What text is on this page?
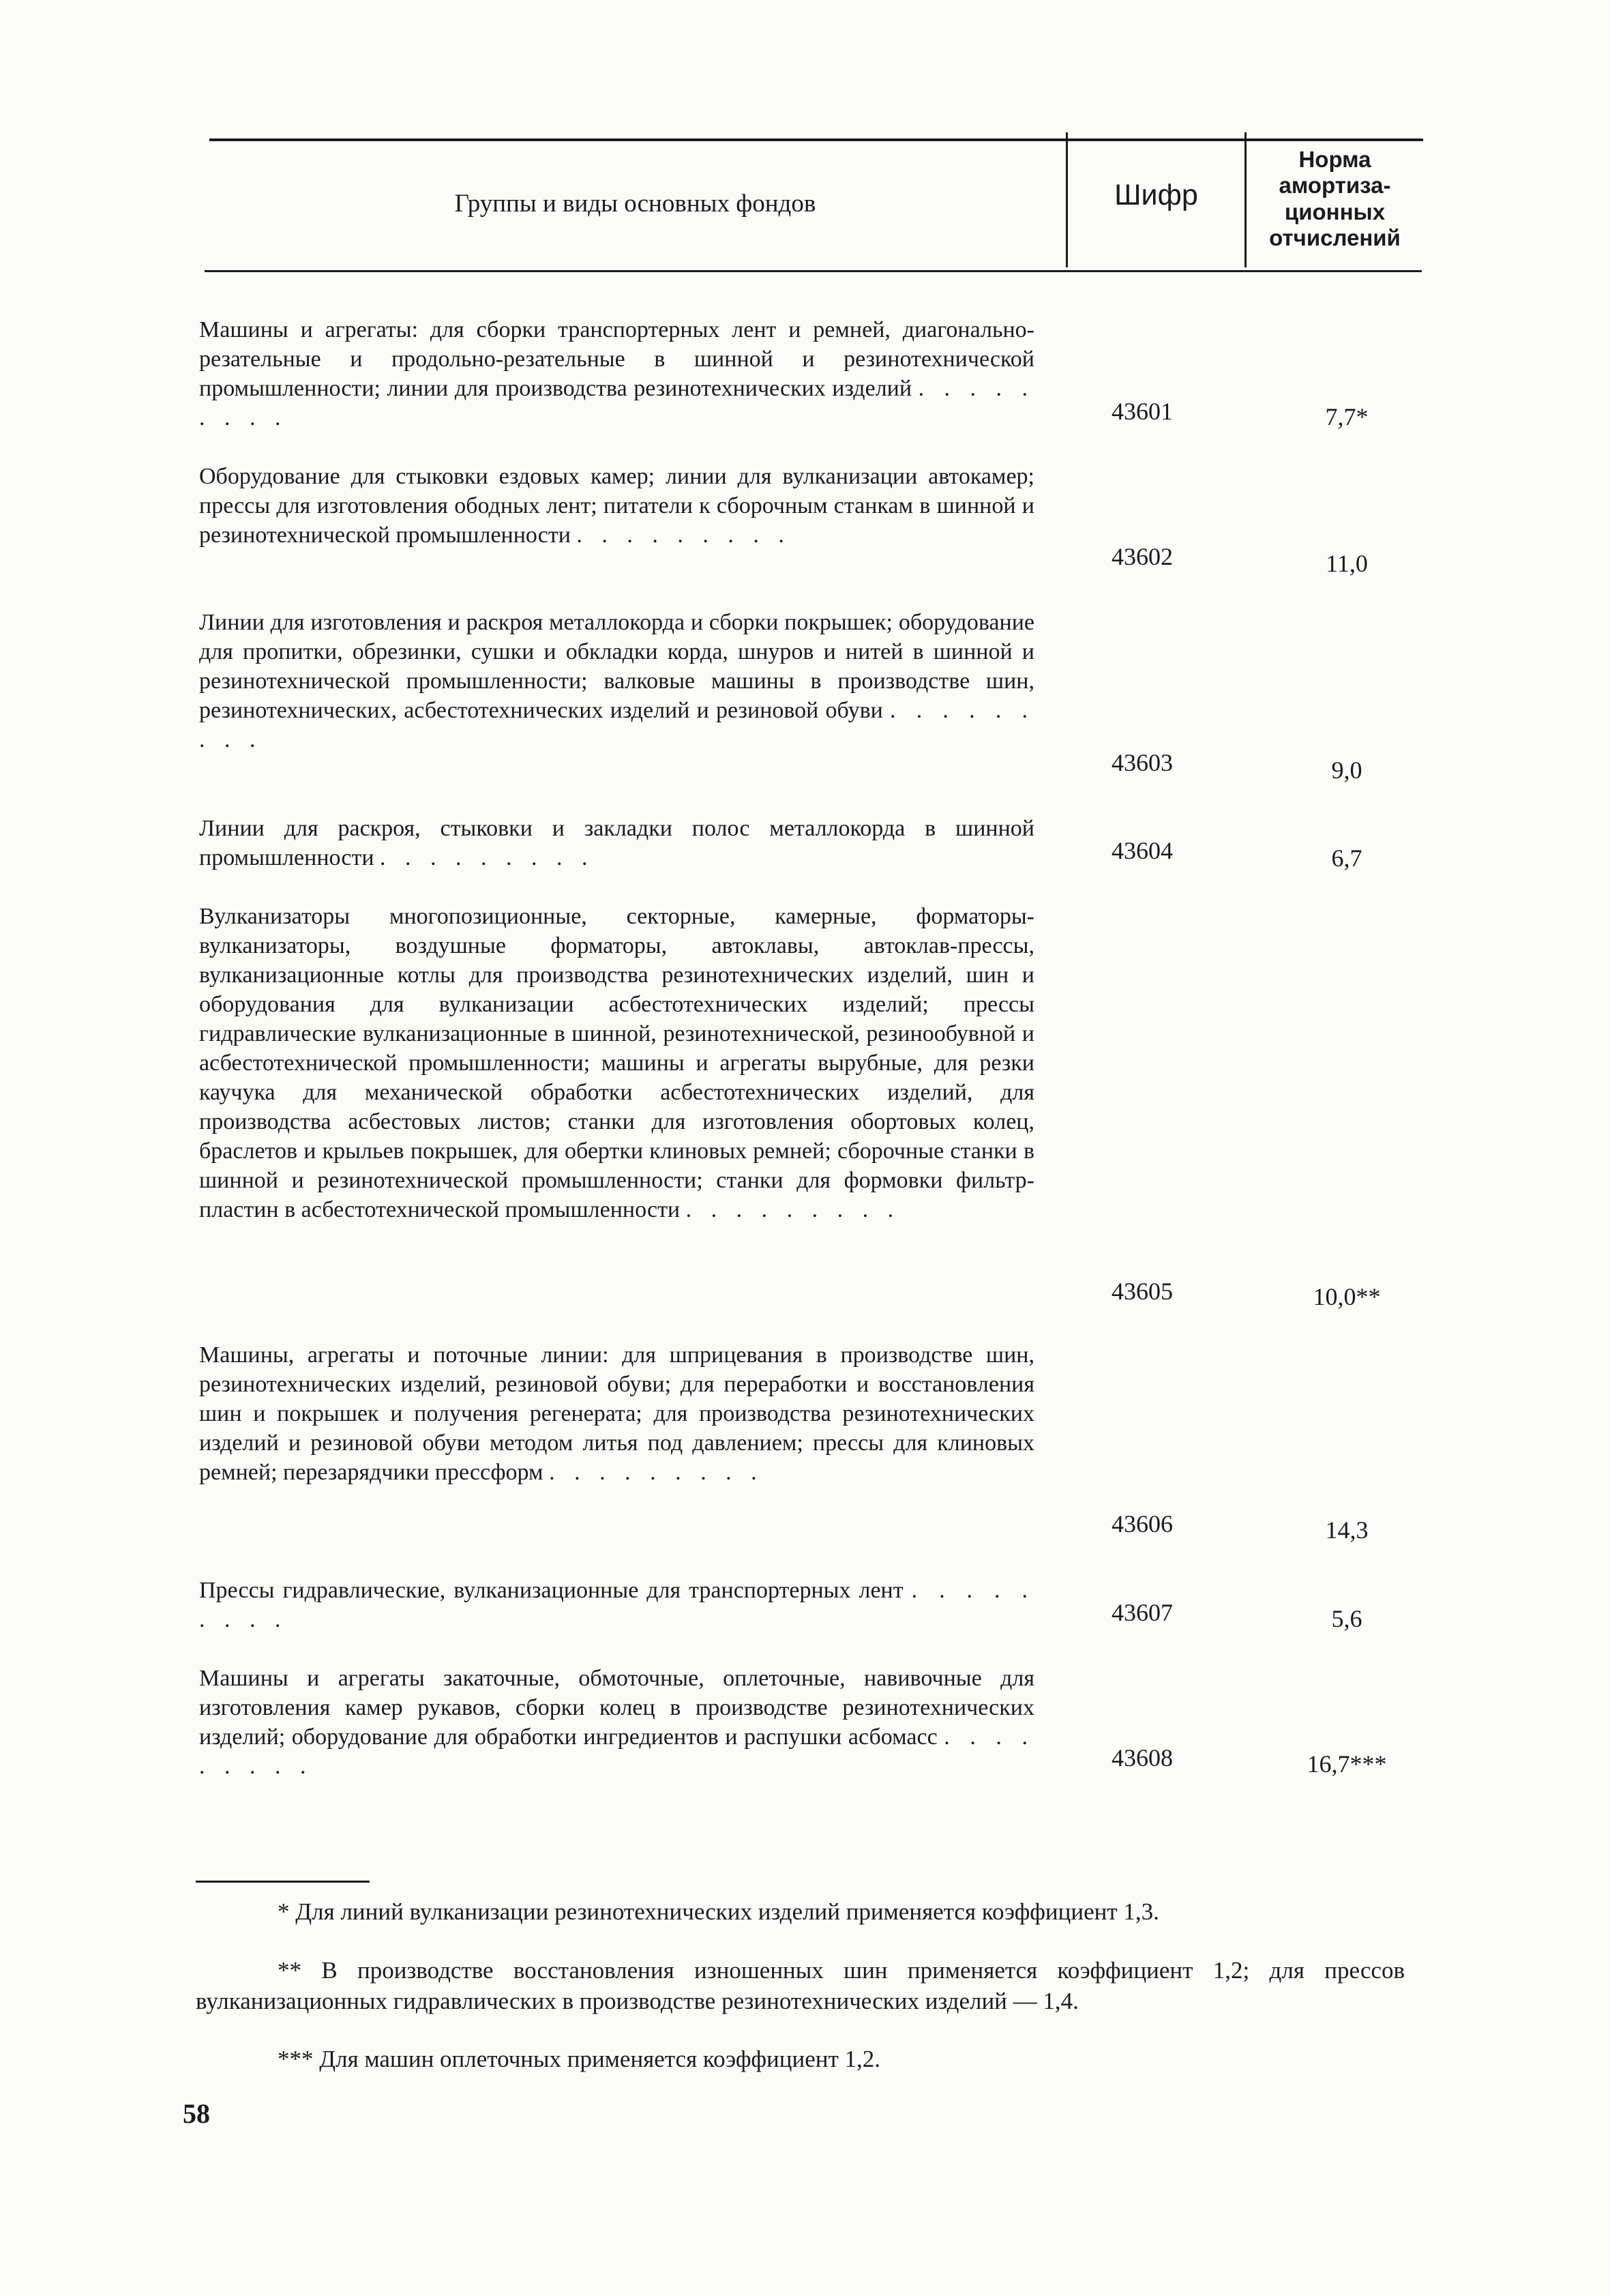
Группы и виды основных фондов	Шифр
Норма
амортиза-
ционных
отчислений
Машины и агрегаты: для сборки транспортерных лент и ремней, диагонально-резательные и продольно-резательные в шинной и резинотехнической промышленности; линии для производства резинотехнических изделий . . . . . . . . .	43601	7,7*
Оборудование для стыковки ездовых камер; линии для вулканизации автокамер; прессы для изготовления ободных лент; питатели к сборочным станкам в шинной и резинотехнической промышленности . . . . . . . . .
43602	11,0
Линии для изготовления и раскроя металлокорда и сборки покрышек; оборудование для пропитки, обрезинки, сушки и обкладки корда, шнуров и нитей в шинной и резинотехнической промышленности; валковые машины в производстве шин, резинотехнических, асбестотехнических изделий и резиновой обуви . . . . . . . . .
43603	9,0
Линии для раскроя, стыковки и закладки полос металлокорда в шинной промышленности . . . . . . . . .	43604	6,7
Вулканизаторы многопозиционные, секторные, камерные, форматоры-вулканизаторы, воздушные форматоры, автоклавы, автоклав-прессы, вулканизационные котлы для производства резинотехнических изделий, шин и оборудования для вулканизации асбестотехнических изделий; прессы гидравлические вулканизационные в шинной, резинотехнической, резинообувной и асбестотехнической промышленности; машины и агрегаты вырубные, для резки каучука для механической обработки асбестотехнических изделий, для производства асбестовых листов; станки для изготовления обортовых колец, браслетов и крыльев покрышек, для обертки клиновых ремней; сборочные станки в шинной и резинотехнической промышленности; станки для формовки фильтр-пластин в асбестотехнической промышленности . . . . . . . . .
43605	10,0**
Машины, агрегаты и поточные линии: для шприцевания в производстве шин, резинотехнических изделий, резиновой обуви; для переработки и восстановления шин и покрышек и получения регенерата; для производства резинотехнических изделий и резиновой обуви методом литья под давлением; прессы для клиновых ремней; перезарядчики прессформ . . . . . . . . .
43606	14,3
Прессы гидравлические, вулканизационные для транспортерных лент . . . . . . . . .	43607	5,6
Машины и агрегаты закаточные, обмоточные, оплеточные, навивочные для изготовления камер рукавов, сборки колец в производстве резинотехнических изделий; оборудование для обработки ингредиентов и распушки асбомасс . . . . . . . . .	43608	16,7***
* Для линий вулканизации резинотехнических изделий применяется коэффициент 1,3.
** В производстве восстановления изношенных шин применяется коэффициент 1,2; для прессов вулканизационных гидравлических в производстве резинотехнических изделий — 1,4.
*** Для машин оплеточных применяется коэффициент 1,2.
58
